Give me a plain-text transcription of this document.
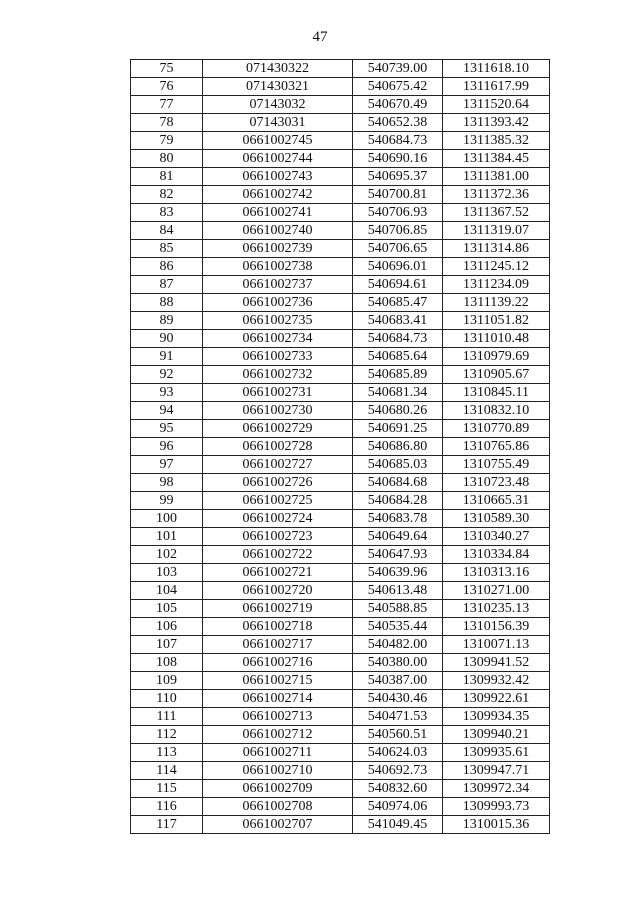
47
75	071430322	540739.00	1311618.10
76	071430321	540675.42	1311617.99
77	07143032	540670.49	1311520.64
78	07143031	540652.38	1311393.42
79	0661002745	540684.73	1311385.32
80	0661002744	540690.16	1311384.45
81	0661002743	540695.37	1311381.00
82	0661002742	540700.81	1311372.36
83	0661002741	540706.93	1311367.52
84	0661002740	540706.85	1311319.07
85	0661002739	540706.65	1311314.86
86	0661002738	540696.01	1311245.12
87	0661002737	540694.61	1311234.09
88	0661002736	540685.47	1311139.22
89	0661002735	540683.41	1311051.82
90	0661002734	540684.73	1311010.48
91	0661002733	540685.64	1310979.69
92	0661002732	540685.89	1310905.67
93	0661002731	540681.34	1310845.11
94	0661002730	540680.26	1310832.10
95	0661002729	540691.25	1310770.89
96	0661002728	540686.80	1310765.86
97	0661002727	540685.03	1310755.49
98	0661002726	540684.68	1310723.48
99	0661002725	540684.28	1310665.31
100	0661002724	540683.78	1310589.30
101	0661002723	540649.64	1310340.27
102	0661002722	540647.93	1310334.84
103	0661002721	540639.96	1310313.16
104	0661002720	540613.48	1310271.00
105	0661002719	540588.85	1310235.13
106	0661002718	540535.44	1310156.39
107	0661002717	540482.00	1310071.13
108	0661002716	540380.00	1309941.52
109	0661002715	540387.00	1309932.42
110	0661002714	540430.46	1309922.61
111	0661002713	540471.53	1309934.35
112	0661002712	540560.51	1309940.21
113	0661002711	540624.03	1309935.61
114	0661002710	540692.73	1309947.71
115	0661002709	540832.60	1309972.34
116	0661002708	540974.06	1309993.73
117	0661002707	541049.45	1310015.36
